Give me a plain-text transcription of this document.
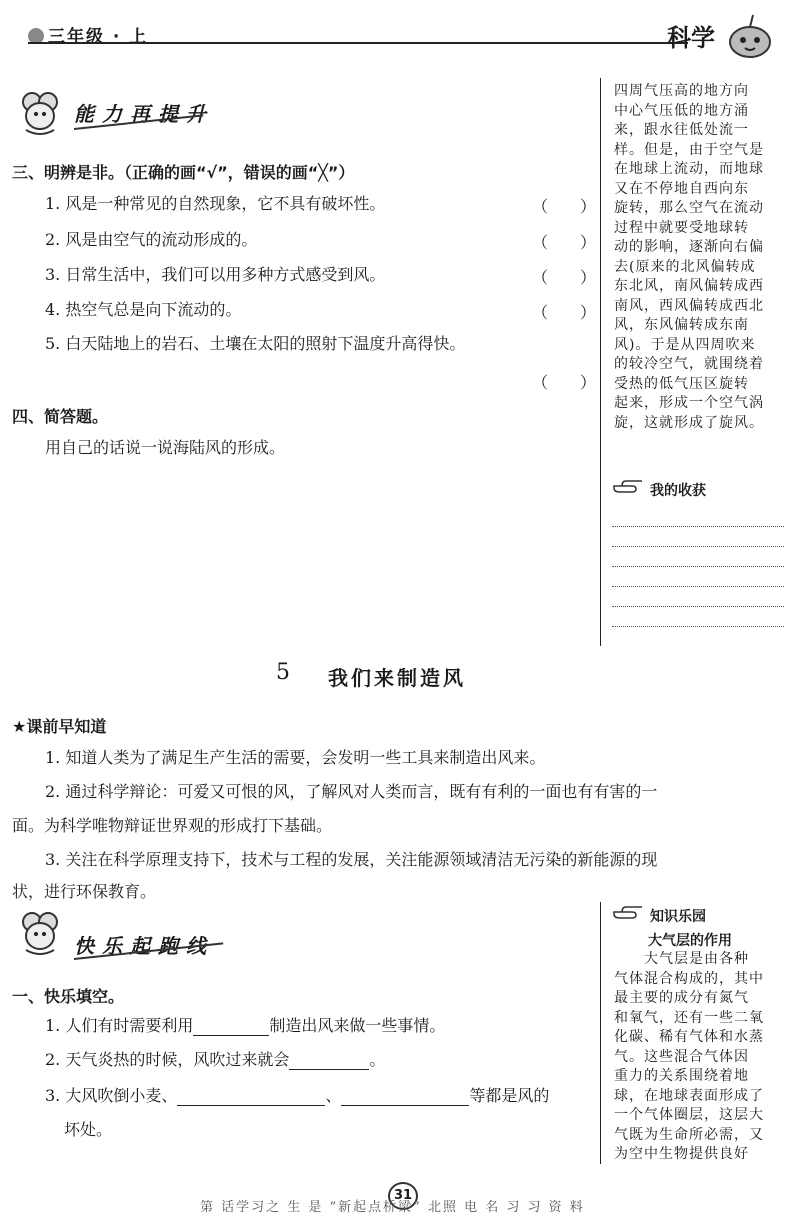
三年级 · 上	科学
能力再提升
三、明辨是非。（正确的画“√”，错误的画“╳”）
1. 风是一种常见的自然现象，它不具有破坏性。	（　　）
2. 风是由空气的流动形成的。	（　　）
3. 日常生活中，我们可以用多种方式感受到风。	（　　）
4. 热空气总是向下流动的。	（　　）
5. 白天陆地上的岩石、土壤在太阳的照射下温度升高得快。
（　　）
四、简答题。
用自己的话说一说海陆风的形成。
四周气压高的地方向
中心气压低的地方涌
来，跟水往低处流一
样。但是，由于空气是
在地球上流动，而地球
又在不停地自西向东
旋转，那么空气在流动
过程中就要受地球转
动的影响，逐渐向右偏
去(原来的北风偏转成
东北风，南风偏转成西
南风，西风偏转成西北
风，东风偏转成东南
风)。于是从四周吹来
的较冷空气，就围绕着
受热的低气压区旋转
起来，形成一个空气涡
旋，这就形成了旋风。
我的收获
5 我们来制造风
★课前早知道
1. 知道人类为了满足生产生活的需要，会发明一些工具来制造出风来。
2. 通过科学辩论：可爱又可恨的风，了解风对人类而言，既有有利的一面也有有害的一
面。为科学唯物辩证世界观的形成打下基础。
3. 关注在科学原理支持下，技术与工程的发展，关注能源领域清洁无污染的新能源的现
状，进行环保教育。
快乐起跑线
一、快乐填空。
1. 人们有时需要利用	制造出风来做一些事情。
2. 天气炎热的时候，风吹过来就会	。
3. 大风吹倒小麦、	、	等都是风的
坏处。
知识乐园
大气层的作用
　　大气层是由各种
气体混合构成的，其中
最主要的成分有氮气
和氧气，还有一些二氧
化碳、稀有气体和水蒸
气。这些混合气体因
重力的关系围绕着地
球，在地球表面形成了
一个气体圈层，这层大
气既为生命所必需，又
为空中生物提供良好
31
第 话学习之 生 是 “新起点桥梁” 北照 电 名 习 习 资 料
